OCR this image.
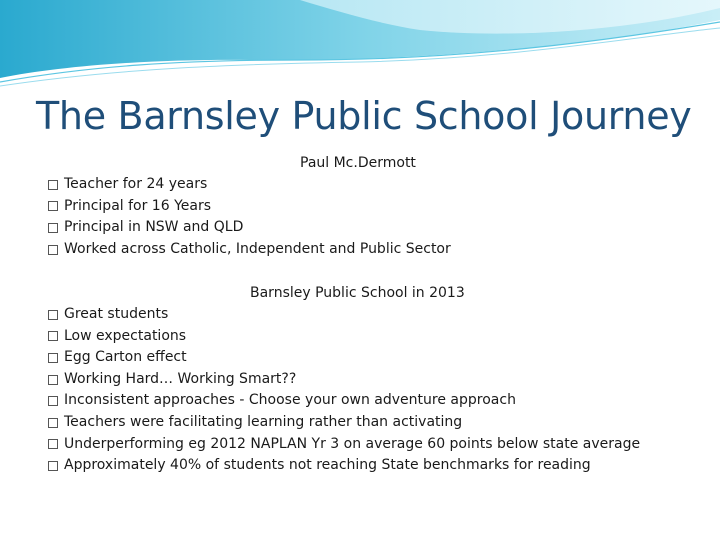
The Barnsley Public School Journey
Paul Mc.Dermott
Teacher for 24 years
Principal for 16 Years
Principal in NSW and QLD
Worked across Catholic, Independent and Public Sector
Barnsley Public School in 2013
Great students
Low expectations
Egg Carton effect
Working Hard… Working Smart??
Inconsistent approaches - Choose your own adventure approach
Teachers were facilitating learning rather than activating
Underperforming eg 2012 NAPLAN Yr 3 on average 60 points below state average
Approximately 40% of students not reaching State benchmarks for reading
